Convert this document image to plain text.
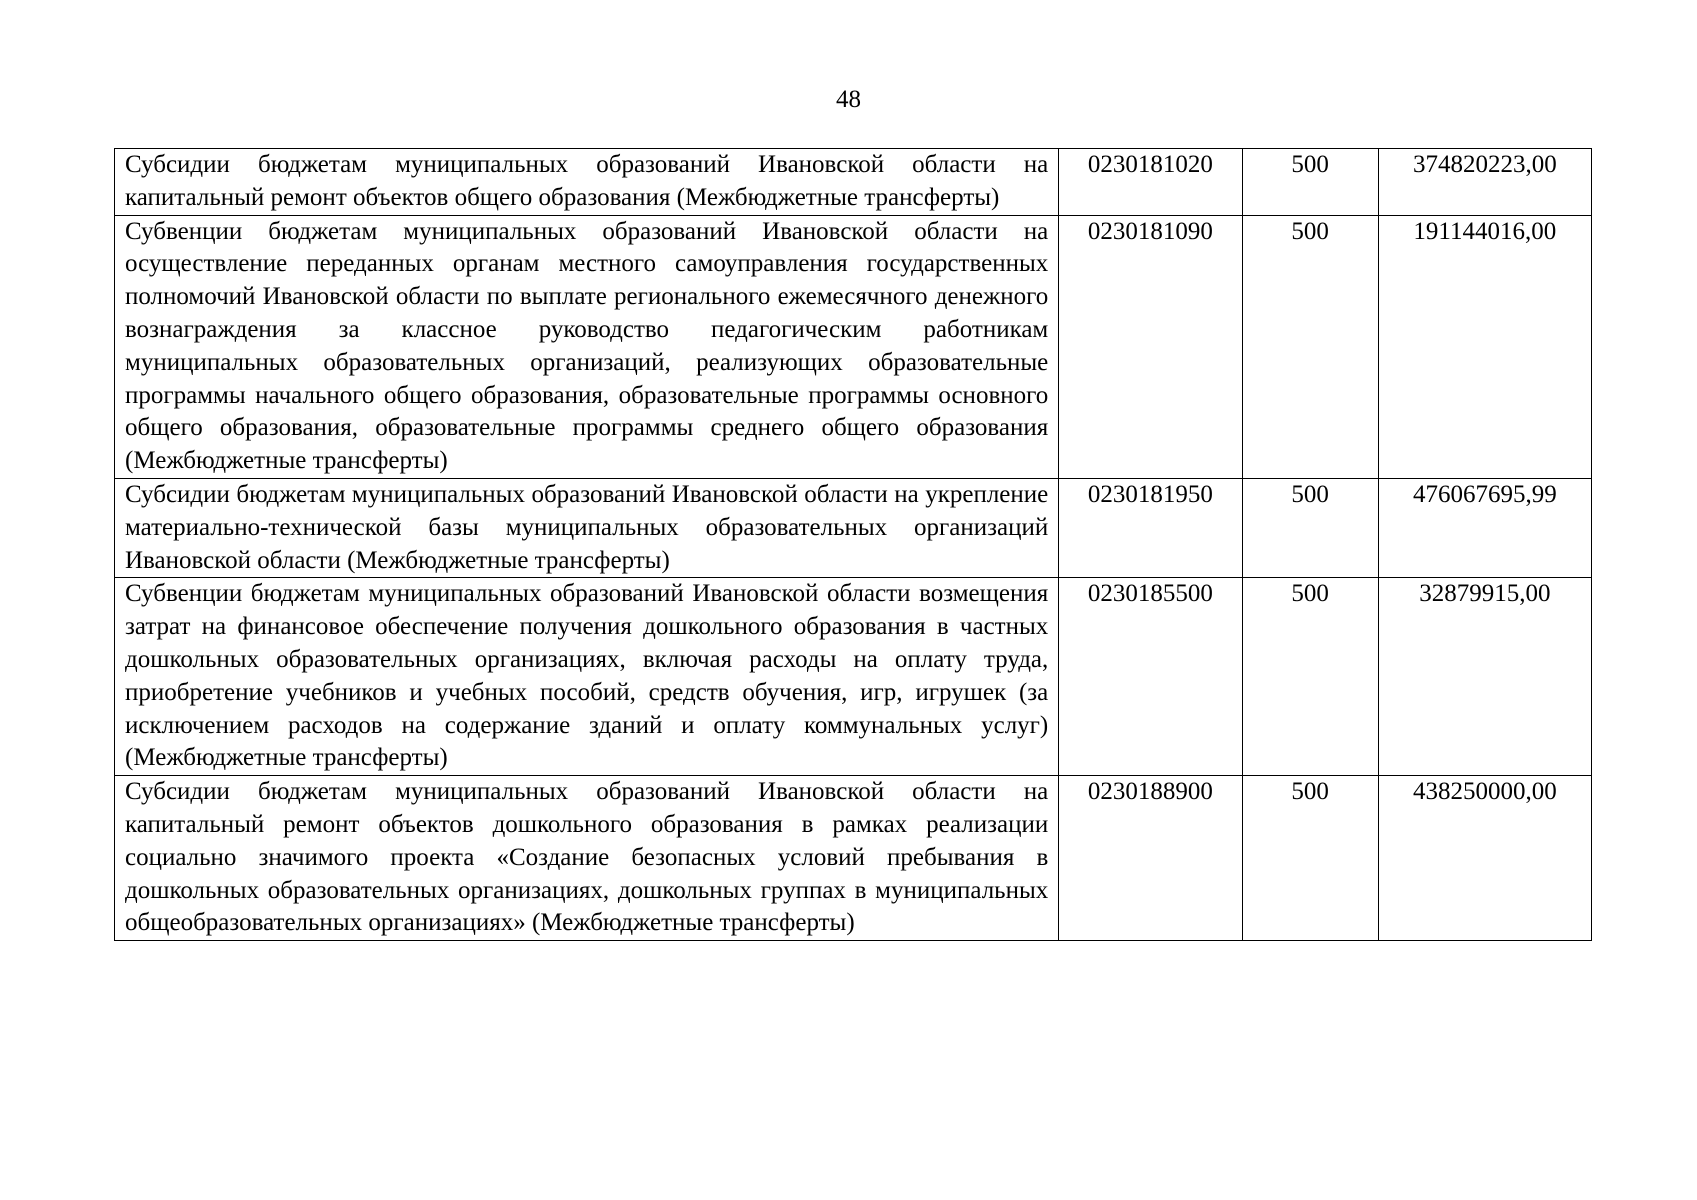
48
Субсидии бюджетам муниципальных образований Ивановской области на капитальный ремонт объектов общего образования (Межбюджетные трансферты)	0230181020	500	374820223,00
Субвенции бюджетам муниципальных образований Ивановской области на осуществление переданных органам местного самоуправления государственных полномочий Ивановской области по выплате регионального ежемесячного денежного вознаграждения за классное руководство педагогическим работникам муниципальных образовательных организаций, реализующих образовательные программы начального общего образования, образовательные программы основного общего образования, образовательные программы среднего общего образования (Межбюджетные трансферты)	0230181090	500	191144016,00
Субсидии бюджетам муниципальных образований Ивановской области на укрепление материально-технической базы муниципальных образовательных организаций Ивановской области (Межбюджетные трансферты)	0230181950	500	476067695,99
Субвенции бюджетам муниципальных образований Ивановской области возмещения затрат на финансовое обеспечение получения дошкольного образования в частных дошкольных образовательных организациях, включая расходы на оплату труда, приобретение учебников и учебных пособий, средств обучения, игр, игрушек (за исключением расходов на содержание зданий и оплату коммунальных услуг) (Межбюджетные трансферты)	0230185500	500	32879915,00
Субсидии бюджетам муниципальных образований Ивановской области на капитальный ремонт объектов дошкольного образования в рамках реализации социально значимого проекта «Создание безопасных условий пребывания в дошкольных образовательных организациях, дошкольных группах в муниципальных общеобразовательных организациях» (Межбюджетные трансферты)	0230188900	500	438250000,00
